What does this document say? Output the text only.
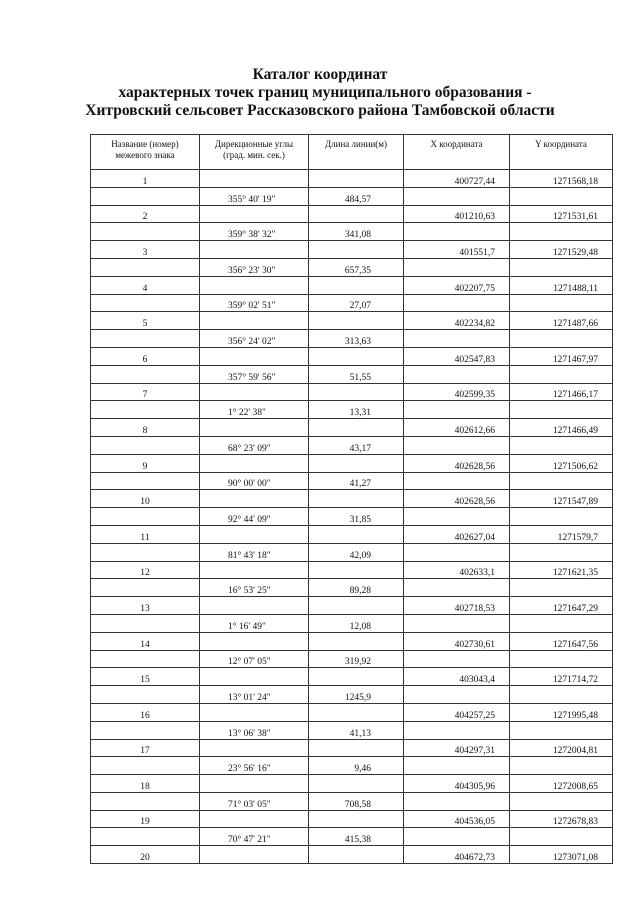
Каталог координат
характерных точек границ муниципального образования -
Хитровский сельсовет Рассказовского района Тамбовской области
Название (номер) межевого знака	Дирекционные углы (град. мин. сек.)	Длина линии(м)	X координата	Y координата
1			400727,44	1271568,18
	355° 40' 19"	484,57		
2			401210,63	1271531,61
	359° 38' 32"	341,08		
3			401551,7	1271529,48
	356° 23' 30"	657,35		
4			402207,75	1271488,11
	359° 02' 51"	27,07		
5			402234,82	1271487,66
	356° 24' 02"	313,63		
6			402547,83	1271467,97
	357° 59' 56"	51,55		
7			402599,35	1271466,17
	1° 22' 38"	13,31		
8			402612,66	1271466,49
	68° 23' 09"	43,17		
9			402628,56	1271506,62
	90° 00' 00"	41,27		
10			402628,56	1271547,89
	92° 44' 09"	31,85		
11			402627,04	1271579,7
	81° 43' 18"	42,09		
12			402633,1	1271621,35
	16° 53' 25"	89,28		
13			402718,53	1271647,29
	1° 16' 49"	12,08		
14			402730,61	1271647,56
	12° 07' 05"	319,92		
15			403043,4	1271714,72
	13° 01' 24"	1245,9		
16			404257,25	1271995,48
	13° 06' 38"	41,13		
17			404297,31	1272004,81
	23° 56' 16"	9,46		
18			404305,96	1272008,65
	71° 03' 05"	708,58		
19			404536,05	1272678,83
	70° 47' 21"	415,38		
20			404672,73	1273071,08
